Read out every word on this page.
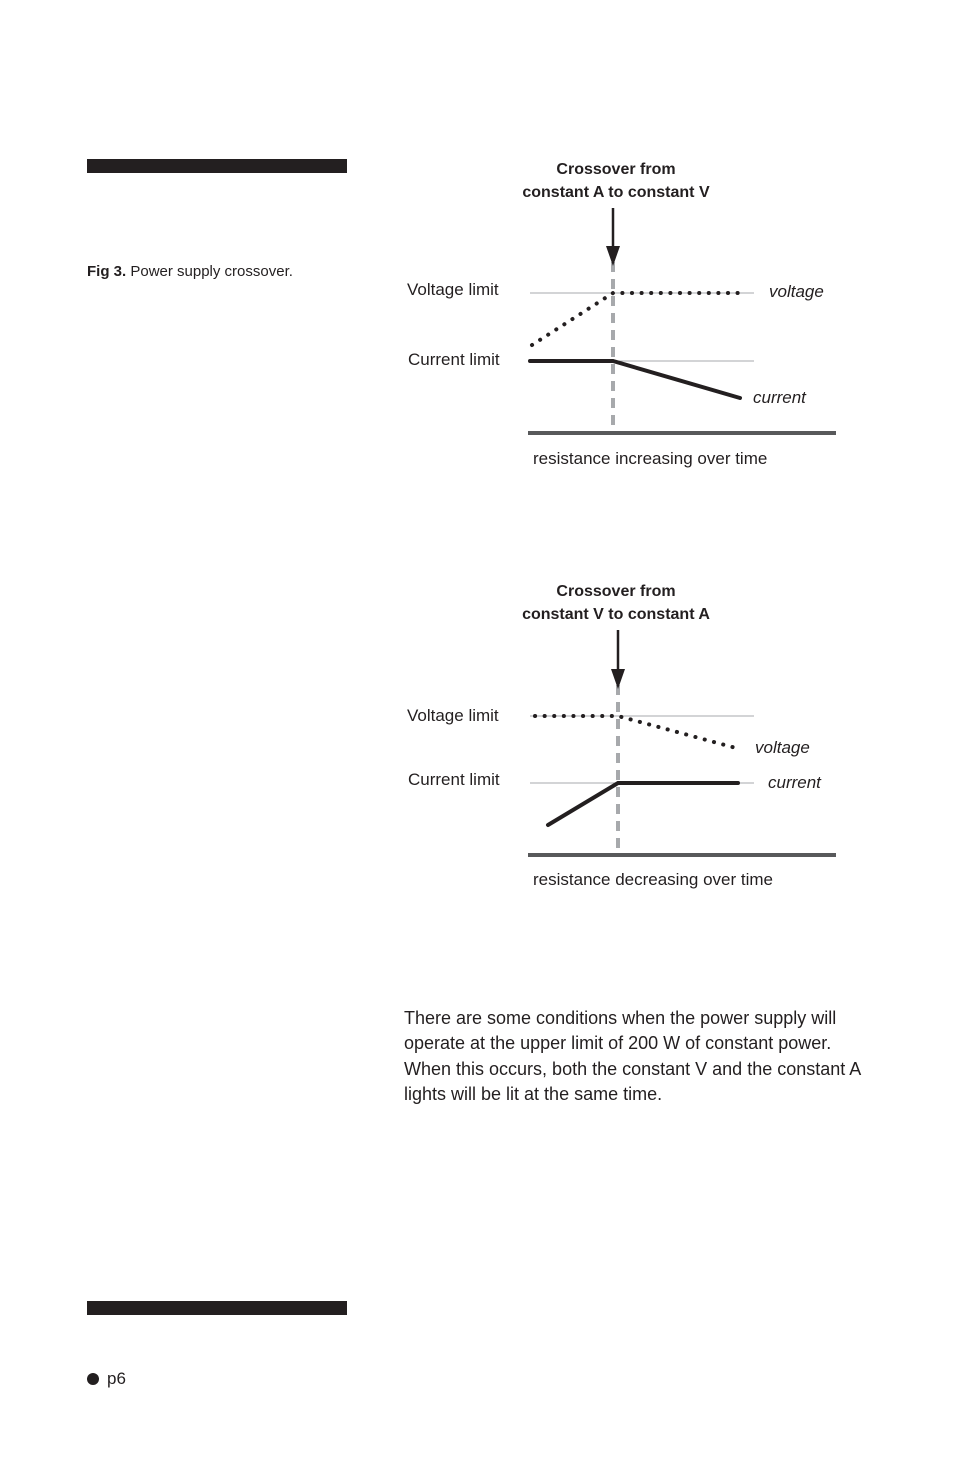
Fig 3. Power supply crossover.
Crossover from
constant A to constant V
Voltage limit
Current limit
voltage
current
resistance increasing over time
Crossover from
constant V to constant A
Voltage limit
Current limit
voltage
current
resistance decreasing over time
There are some conditions when the power supply will operate at the upper limit of 200 W of constant power. When this occurs, both the constant V and the constant A lights will be lit at the same time.
p6
